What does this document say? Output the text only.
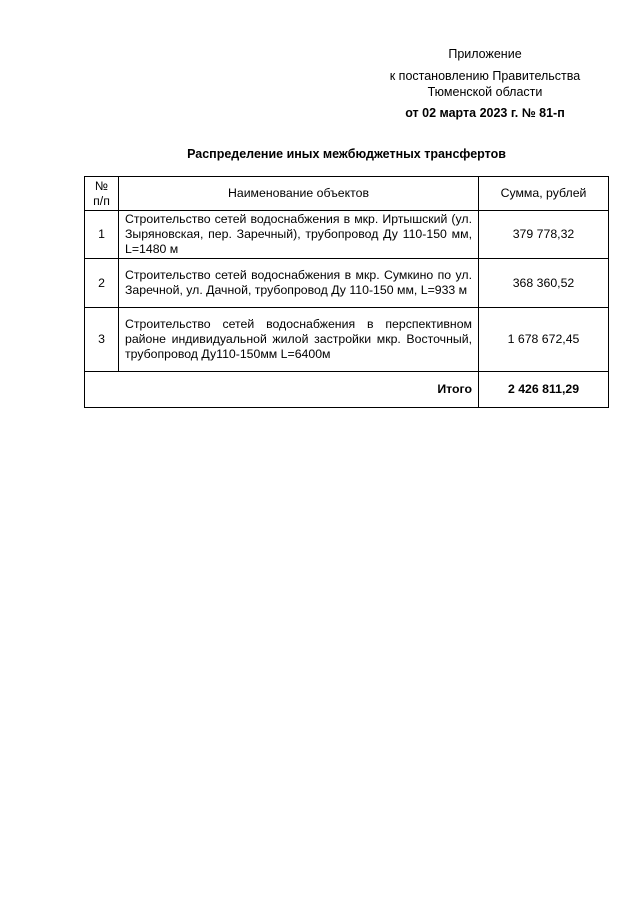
Приложение
к постановлению Правительства
Тюменской области
от 02 марта 2023 г. № 81-п
Распределение иных межбюджетных трансфертов
№ п/п	Наименование объектов	Сумма, рублей
1	Строительство сетей водоснабжения в мкр. Иртышский (ул. Зыряновская, пер. Заречный), трубопровод Ду 110-150 мм, L=1480 м	379 778,32
2	Строительство сетей водоснабжения в мкр. Сумкино по ул. Заречной, ул. Дачной, трубопровод Ду 110-150 мм, L=933 м	368 360,52
3	Строительство сетей водоснабжения в перспективном районе индивидуальной жилой застройки мкр. Восточный, трубопровод Ду110-150мм L=6400м	1 678 672,45
Итого		2 426 811,29
